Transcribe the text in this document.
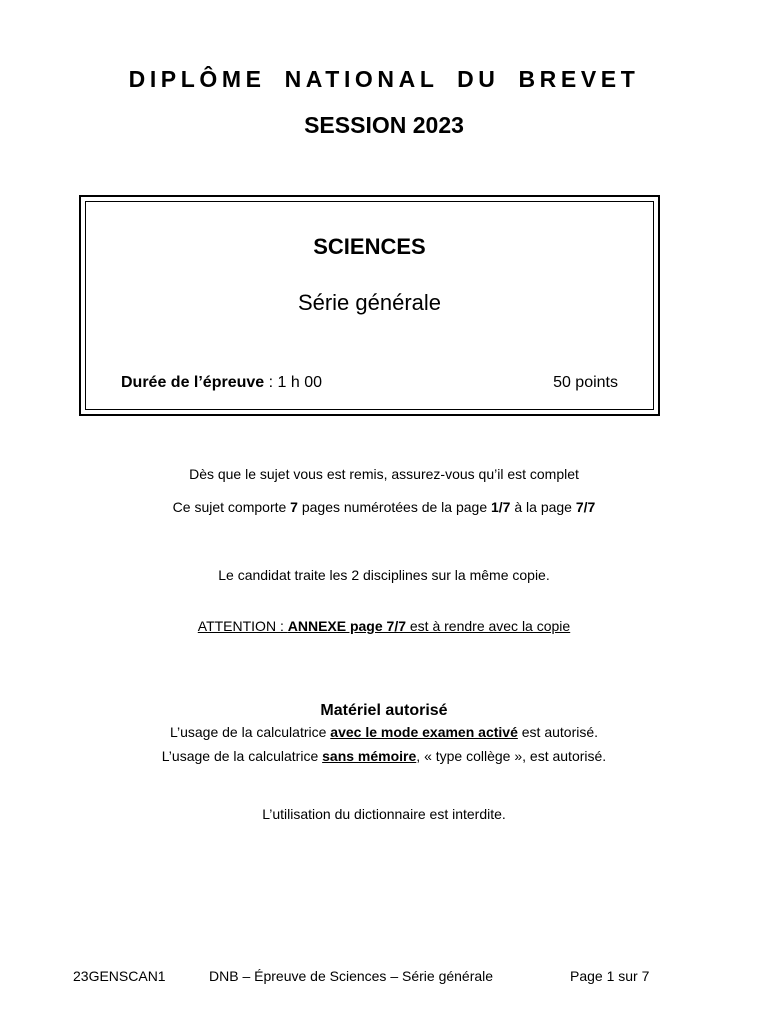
DIPLÔME NATIONAL DU BREVET
SESSION 2023
SCIENCES
Série générale
Durée de l’épreuve : 1 h 00	50 points
Dès que le sujet vous est remis, assurez-vous qu’il est complet
Ce sujet comporte 7 pages numérotées de la page 1/7 à la page 7/7
Le candidat traite les 2 disciplines sur la même copie.
ATTENTION : ANNEXE page 7/7 est à rendre avec la copie
Matériel autorisé
L’usage de la calculatrice avec le mode examen activé est autorisé.
L’usage de la calculatrice sans mémoire, « type collège », est autorisé.
L’utilisation du dictionnaire est interdite.
23GENSCAN1	DNB – Épreuve de Sciences – Série générale	Page 1 sur 7
